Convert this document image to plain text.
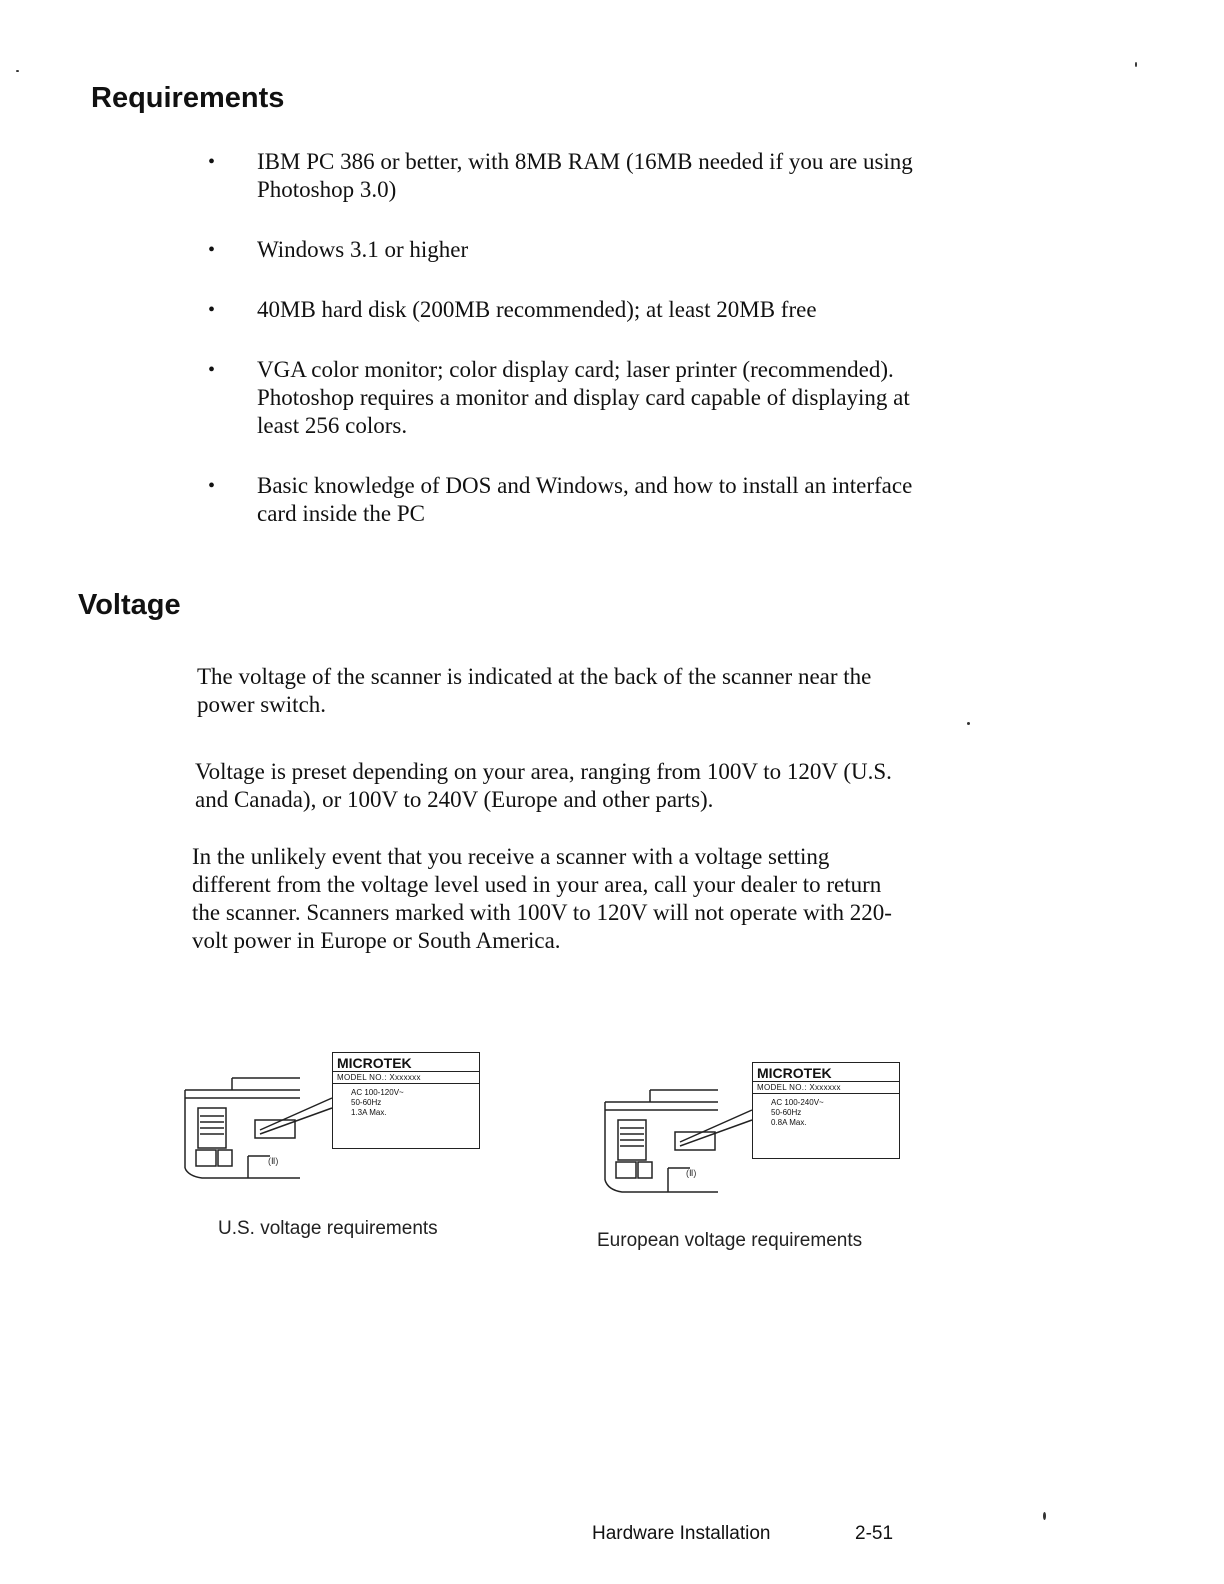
Requirements
• IBM PC 386 or better, with 8MB RAM (16MB needed if you are using Photoshop 3.0)
• Windows 3.1 or higher
• 40MB hard disk (200MB recommended); at least 20MB free
• VGA color monitor; color display card; laser printer (recommended). Photoshop requires a monitor and display card capable of displaying at least 256 colors.
• Basic knowledge of DOS and Windows, and how to install an interface card inside the PC
Voltage

The voltage of the scanner is indicated at the back of the scanner near the power switch.

Voltage is preset depending on your area, ranging from 100V to 120V (U.S. and Canada), or 100V to 240V (Europe and other parts).

In the unlikely event that you receive a scanner with a voltage setting different from the voltage level used in your area, call your dealer to return the scanner. Scanners marked with 100V to 120V will not operate with 220-volt power in Europe or South America.

(Ⅱ)
MICROTEK
MODEL NO.: Xxxxxxx
AC 100-120V~
50-60Hz
1.3A Max.
U.S. voltage requirements
(Ⅱ)
MICROTEK
MODEL NO.: Xxxxxxx
AC 100-240V~
50-60Hz
0.8A Max.
European voltage requirements
Hardware Installation	2-51
